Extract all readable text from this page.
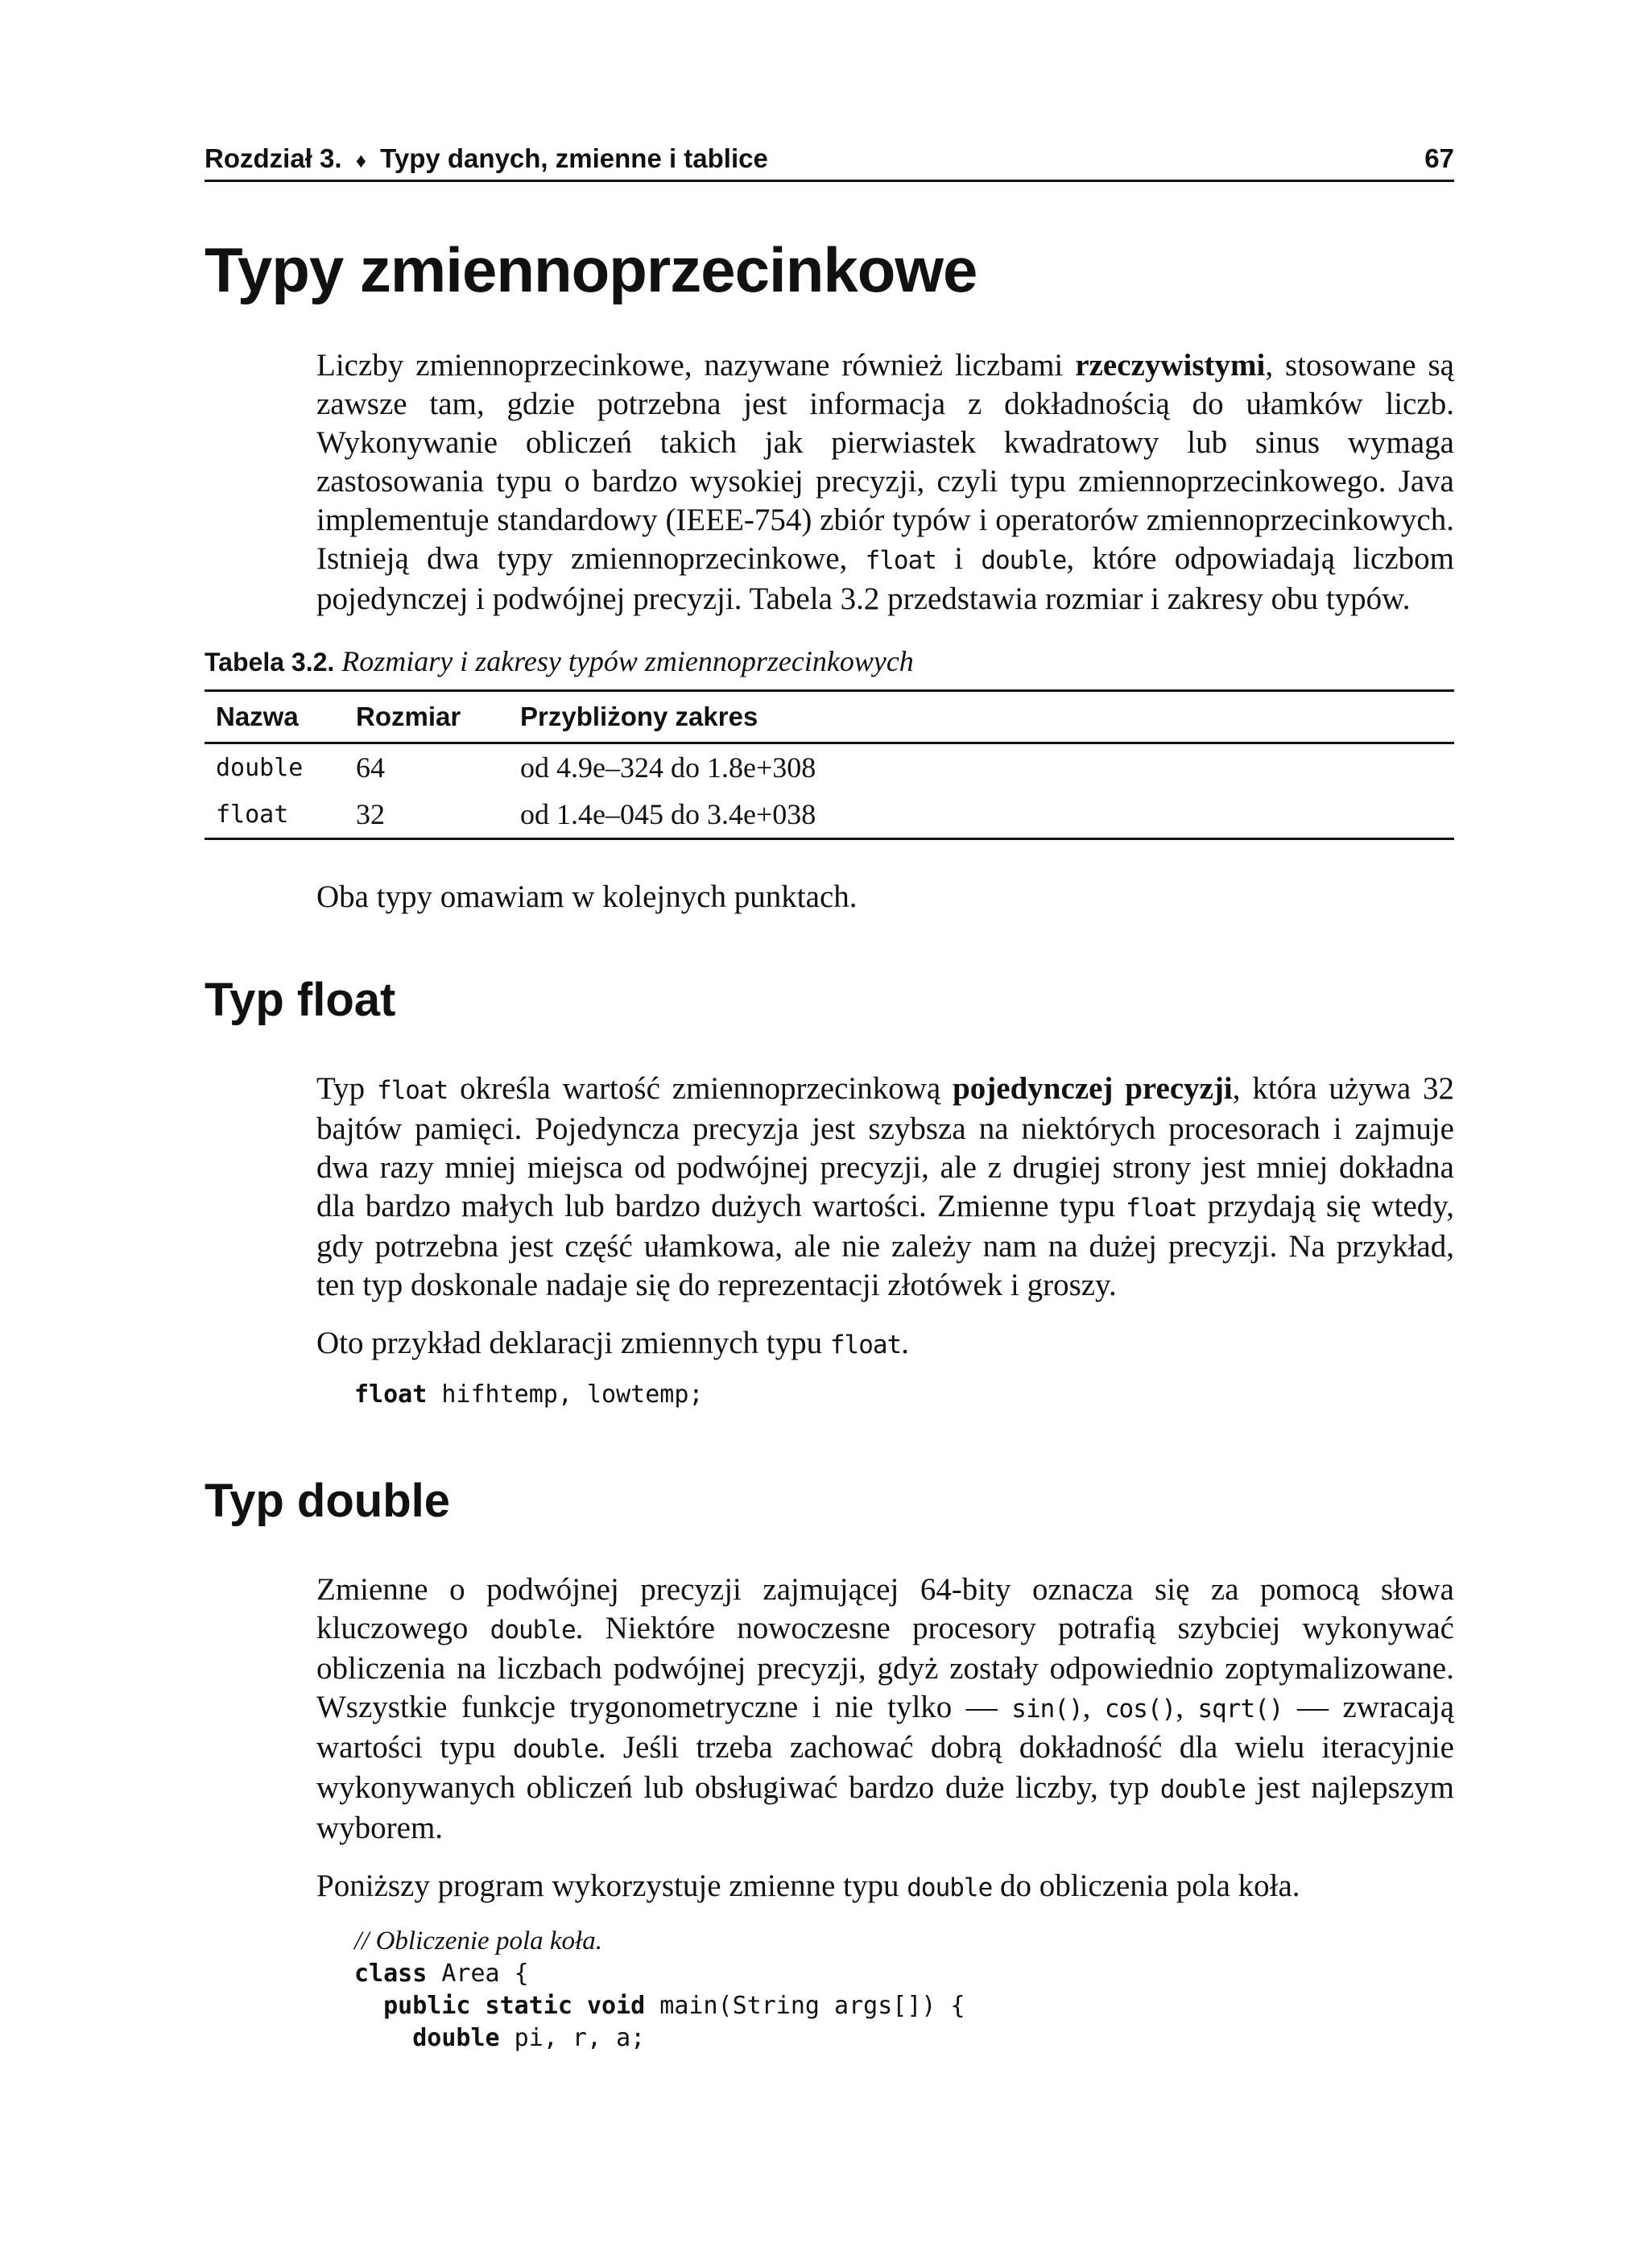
Rozdział 3. ♦ Typy danych, zmienne i tablice	67
Typy zmiennoprzecinkowe

Liczby zmiennoprzecinkowe, nazywane również liczbami rzeczywistymi, stosowane są zawsze tam, gdzie potrzebna jest informacja z dokładnością do ułamków liczb. Wykonywanie obliczeń takich jak pierwiastek kwadratowy lub sinus wymaga zastosowania typu o bardzo wysokiej precyzji, czyli typu zmiennoprzecinkowego. Java implementuje standardowy (IEEE-754) zbiór typów i operatorów zmiennoprzecinkowych. Istnieją dwa typy zmiennoprzecinkowe, float i double, które odpowiadają liczbom pojedynczej i podwójnej precyzji. Tabela 3.2 przedstawia rozmiar i zakresy obu typów.

Tabela 3.2. Rozmiary i zakresy typów zmiennoprzecinkowych
Nazwa	Rozmiar	Przybliżony zakres
double	64	od 4.9e–324 do 1.8e+308
float	32	od 1.4e–045 do 3.4e+038

Oba typy omawiam w kolejnych punktach.

Typ float

Typ float określa wartość zmiennoprzecinkową pojedynczej precyzji, która używa 32 bajtów pamięci. Pojedyncza precyzja jest szybsza na niektórych procesorach i zajmuje dwa razy mniej miejsca od podwójnej precyzji, ale z drugiej strony jest mniej dokładna dla bardzo małych lub bardzo dużych wartości. Zmienne typu float przydają się wtedy, gdy potrzebna jest część ułamkowa, ale nie zależy nam na dużej precyzji. Na przykład, ten typ doskonale nadaje się do reprezentacji złotówek i groszy.

Oto przykład deklaracji zmiennych typu float.

float hifhtemp, lowtemp;
Typ double

Zmienne o podwójnej precyzji zajmującej 64-bity oznacza się za pomocą słowa kluczowego double. Niektóre nowoczesne procesory potrafią szybciej wykonywać obliczenia na liczbach podwójnej precyzji, gdyż zostały odpowiednio zoptymalizowane. Wszystkie funkcje trygonometryczne i nie tylko — sin(), cos(), sqrt() — zwracają wartości typu double. Jeśli trzeba zachować dobrą dokładność dla wielu iteracyjnie wykonywanych obliczeń lub obsługiwać bardzo duże liczby, typ double jest najlepszym wyborem.

Poniższy program wykorzystuje zmienne typu double do obliczenia pola koła.

// Obliczenie pola koła.
class Area {
public static void main(String args[]) {
double pi, r, a;
